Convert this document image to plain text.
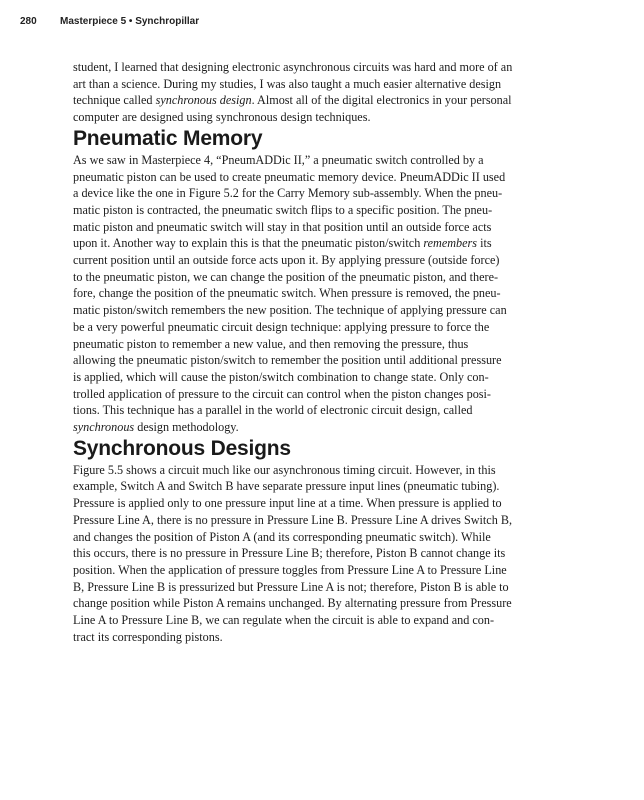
280 Masterpiece 5 • Synchropillar

student, I learned that designing electronic asynchronous circuits was hard and more of an
art than a science. During my studies, I was also taught a much easier alternative design
technique called synchronous design. Almost all of the digital electronics in your personal
computer are designed using synchronous design techniques.

Pneumatic Memory

As we saw in Masterpiece 4, “PneumADDic II,” a pneumatic switch controlled by a
pneumatic piston can be used to create pneumatic memory device. PneumADDic II used
a device like the one in Figure 5.2 for the Carry Memory sub-assembly. When the pneu-
matic piston is contracted, the pneumatic switch flips to a specific position. The pneu-
matic piston and pneumatic switch will stay in that position until an outside force acts
upon it. Another way to explain this is that the pneumatic piston/switch remembers its
current position until an outside force acts upon it. By applying pressure (outside force)
to the pneumatic piston, we can change the position of the pneumatic piston, and there-
fore, change the position of the pneumatic switch. When pressure is removed, the pneu-
matic piston/switch remembers the new position. The technique of applying pressure can
be a very powerful pneumatic circuit design technique: applying pressure to force the
pneumatic piston to remember a new value, and then removing the pressure, thus
allowing the pneumatic piston/switch to remember the position until additional pressure
is applied, which will cause the piston/switch combination to change state. Only con-
trolled application of pressure to the circuit can control when the piston changes posi-
tions. This technique has a parallel in the world of electronic circuit design, called
synchronous design methodology.

Synchronous Designs

Figure 5.5 shows a circuit much like our asynchronous timing circuit. However, in this
example, Switch A and Switch B have separate pressure input lines (pneumatic tubing).
Pressure is applied only to one pressure input line at a time. When pressure is applied to
Pressure Line A, there is no pressure in Pressure Line B. Pressure Line A drives Switch B,
and changes the position of Piston A (and its corresponding pneumatic switch). While
this occurs, there is no pressure in Pressure Line B; therefore, Piston B cannot change its
position. When the application of pressure toggles from Pressure Line A to Pressure Line
B, Pressure Line B is pressurized but Pressure Line A is not; therefore, Piston B is able to
change position while Piston A remains unchanged. By alternating pressure from Pressure
Line A to Pressure Line B, we can regulate when the circuit is able to expand and con-
tract its corresponding pistons.
